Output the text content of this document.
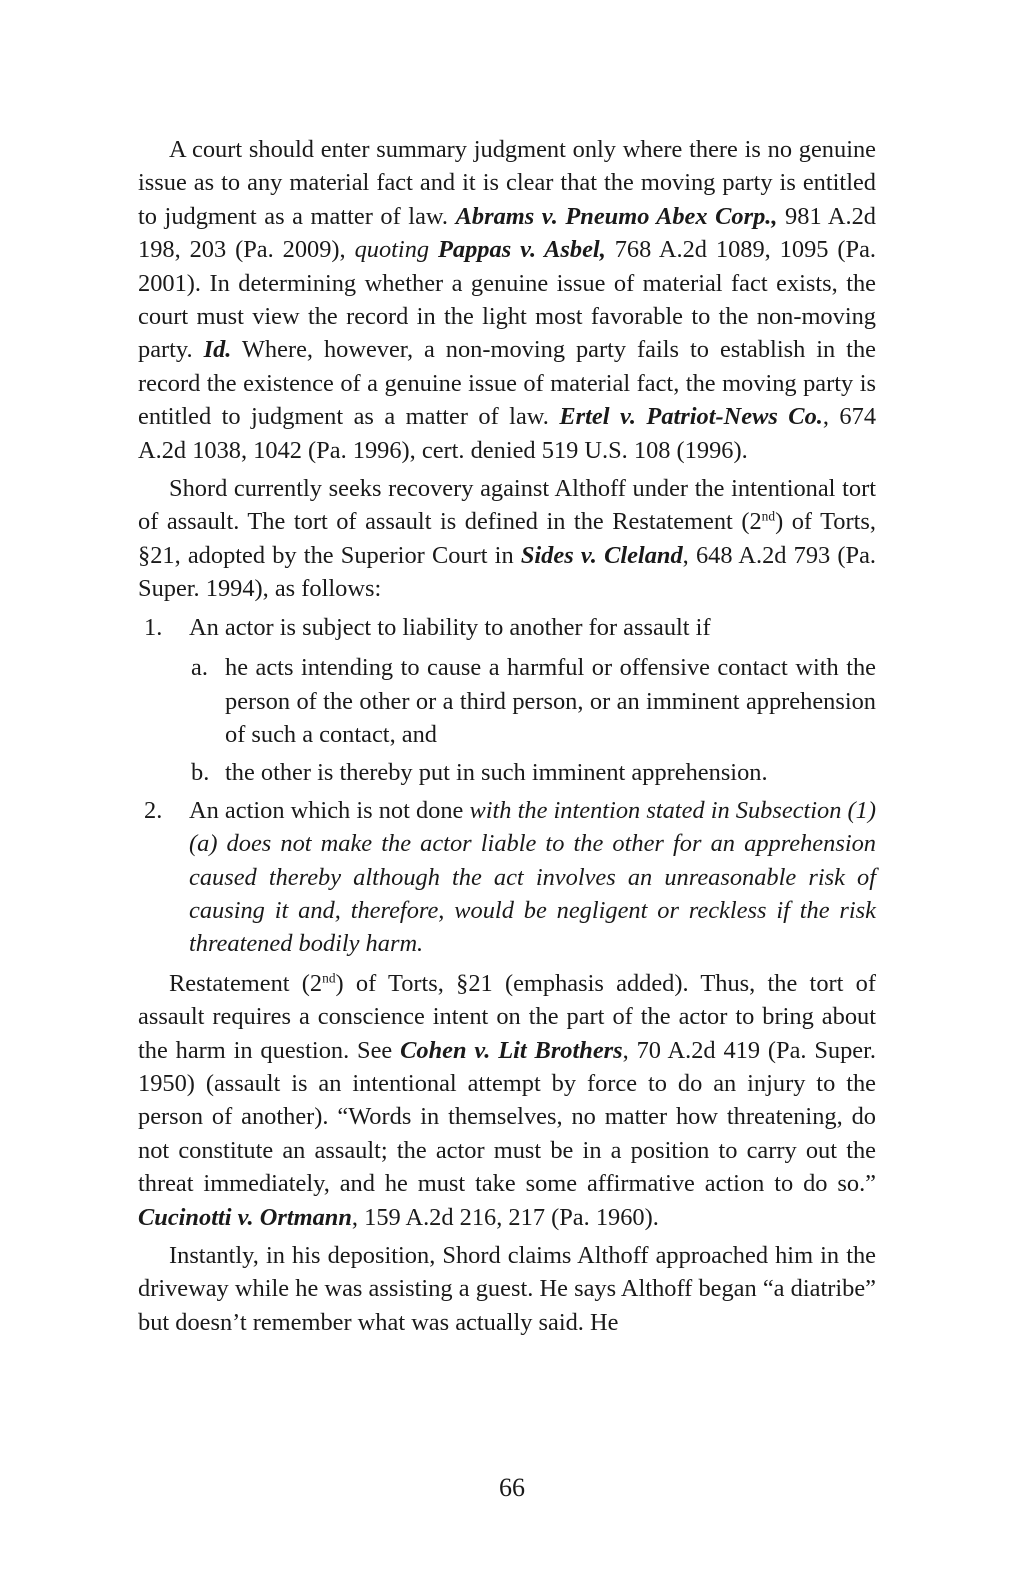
A court should enter summary judgment only where there is no genuine issue as to any material fact and it is clear that the moving party is entitled to judgment as a matter of law. Abrams v. Pneumo Abex Corp., 981 A.2d 198, 203 (Pa. 2009), quoting Pappas v. Asbel, 768 A.2d 1089, 1095 (Pa. 2001). In determining whether a genuine issue of material fact exists, the court must view the record in the light most favorable to the non-moving party. Id. Where, however, a non-moving party fails to establish in the record the existence of a genuine issue of material fact, the moving party is entitled to judgment as a matter of law. Ertel v. Patriot-News Co., 674 A.2d 1038, 1042 (Pa. 1996), cert. denied 519 U.S. 108 (1996).

Shord currently seeks recovery against Althoff under the intentional tort of assault. The tort of assault is defined in the Restatement (2nd) of Torts, §21, adopted by the Superior Court in Sides v. Cleland, 648 A.2d 793 (Pa. Super. 1994), as follows:

1.	An actor is subject to liability to another for assault if
a. he acts intending to cause a harmful or offensive contact with the person of the other or a third person, or an imminent apprehension of such a contact, and
b. the other is thereby put in such imminent apprehension.
2.	An action which is not done with the intention stated in Subsection (1)(a) does not make the actor liable to the other for an apprehension caused thereby although the act involves an unreasonable risk of causing it and, therefore, would be negligent or reckless if the risk threatened bodily harm.

Restatement (2nd) of Torts, §21 (emphasis added). Thus, the tort of assault requires a conscience intent on the part of the actor to bring about the harm in question. See Cohen v. Lit Brothers, 70 A.2d 419 (Pa. Super. 1950) (assault is an intentional attempt by force to do an injury to the person of another). “Words in themselves, no matter how threatening, do not constitute an assault; the actor must be in a position to carry out the threat immediately, and he must take some affirmative action to do so.” Cucinotti v. Ortmann, 159 A.2d 216, 217 (Pa. 1960).

Instantly, in his deposition, Shord claims Althoff approached him in the driveway while he was assisting a guest. He says Althoff began “a diatribe” but doesn’t remember what was actually said. He

66
